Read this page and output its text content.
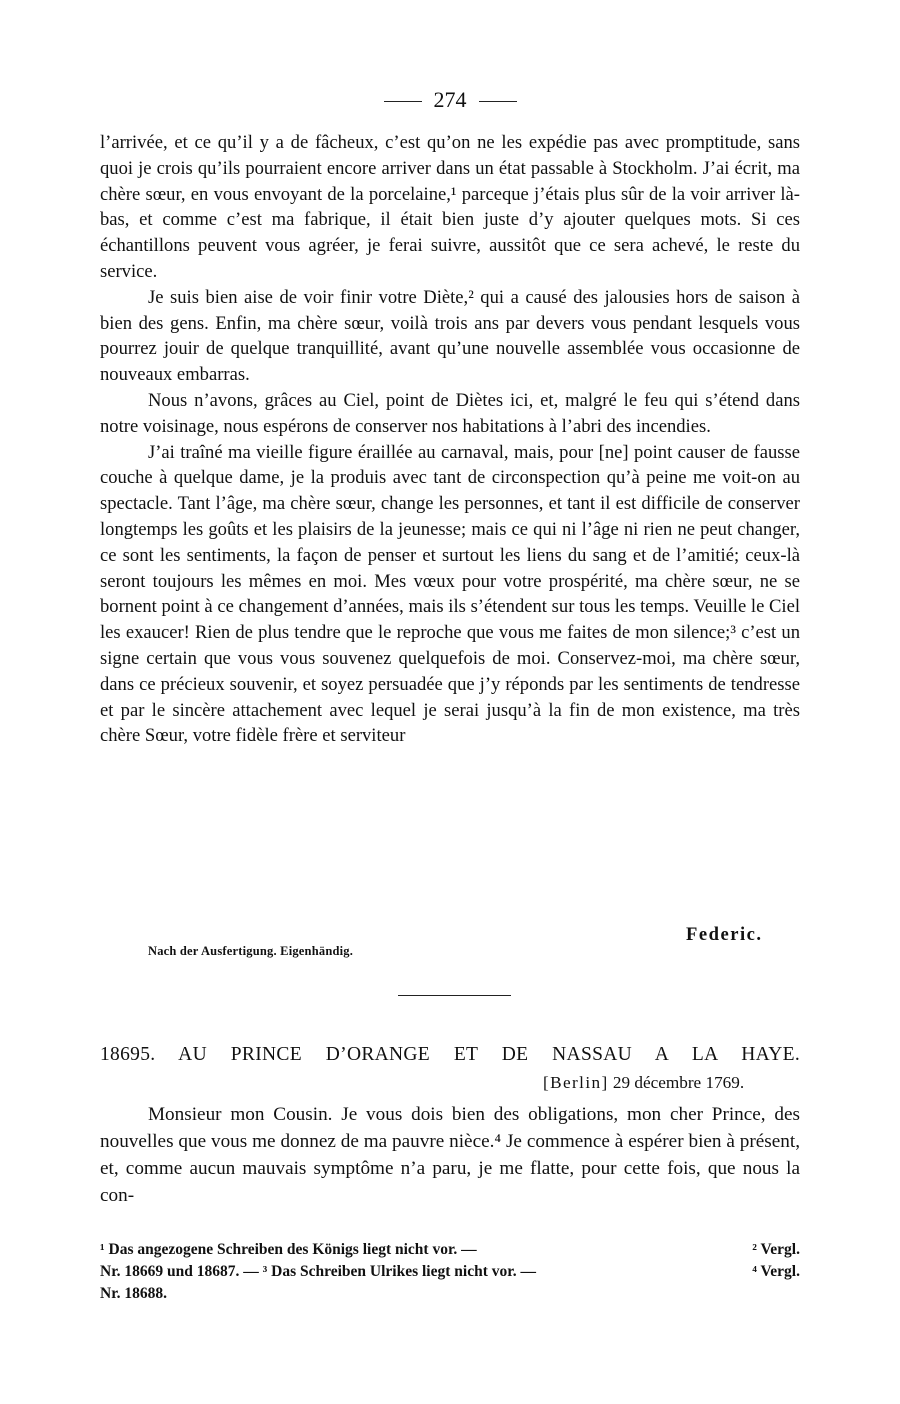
274

l’arrivée, et ce qu’il y a de fâcheux, c’est qu’on ne les expédie pas avec promptitude, sans quoi je crois qu’ils pourraient encore arriver dans un état passable à Stockholm. J’ai écrit, ma chère sœur, en vous envoyant de la porcelaine,¹ parceque j’étais plus sûr de la voir arriver là-bas, et comme c’est ma fabrique, il était bien juste d’y ajouter quelques mots. Si ces échantillons peuvent vous agréer, je ferai suivre, aussitôt que ce sera achevé, le reste du service.

Je suis bien aise de voir finir votre Diète,² qui a causé des jalousies hors de saison à bien des gens. Enfin, ma chère sœur, voilà trois ans par devers vous pendant lesquels vous pourrez jouir de quelque tranquillité, avant qu’une nouvelle assemblée vous occasionne de nouveaux embarras.

Nous n’avons, grâces au Ciel, point de Diètes ici, et, malgré le feu qui s’étend dans notre voisinage, nous espérons de conserver nos habitations à l’abri des incendies.

J’ai traîné ma vieille figure éraillée au carnaval, mais, pour [ne] point causer de fausse couche à quelque dame, je la produis avec tant de circonspection qu’à peine me voit-on au spectacle. Tant l’âge, ma chère sœur, change les personnes, et tant il est difficile de conserver longtemps les goûts et les plaisirs de la jeunesse; mais ce qui ni l’âge ni rien ne peut changer, ce sont les sentiments, la façon de penser et surtout les liens du sang et de l’amitié; ceux-là seront toujours les mêmes en moi. Mes vœux pour votre prospérité, ma chère sœur, ne se bornent point à ce changement d’années, mais ils s’étendent sur tous les temps. Veuille le Ciel les exaucer! Rien de plus tendre que le reproche que vous me faites de mon silence;³ c’est un signe certain que vous vous souvenez quelquefois de moi. Conservez-moi, ma chère sœur, dans ce précieux souvenir, et soyez persuadée que j’y réponds par les sentiments de tendresse et par le sincère attachement avec lequel je serai jusqu’à la fin de mon existence, ma très chère Sœur, votre fidèle frère et serviteur

Federic.
Nach der Ausfertigung. Eigenhändig.
18695. AU PRINCE D’ORANGE ET DE NASSAU A LA HAYE.
[Berlin] 29 décembre 1769.

Monsieur mon Cousin. Je vous dois bien des obligations, mon cher Prince, des nouvelles que vous me donnez de ma pauvre nièce.⁴ Je commence à espérer bien à présent, et, comme aucun mauvais symptôme n’a paru, je me flatte, pour cette fois, que nous la con-

¹ Das angezogene Schreiben des Königs liegt nicht vor. —	² Vergl.
Nr. 18669 und 18687. — ³ Das Schreiben Ulrikes liegt nicht vor. —	⁴ Vergl.
Nr. 18688.
